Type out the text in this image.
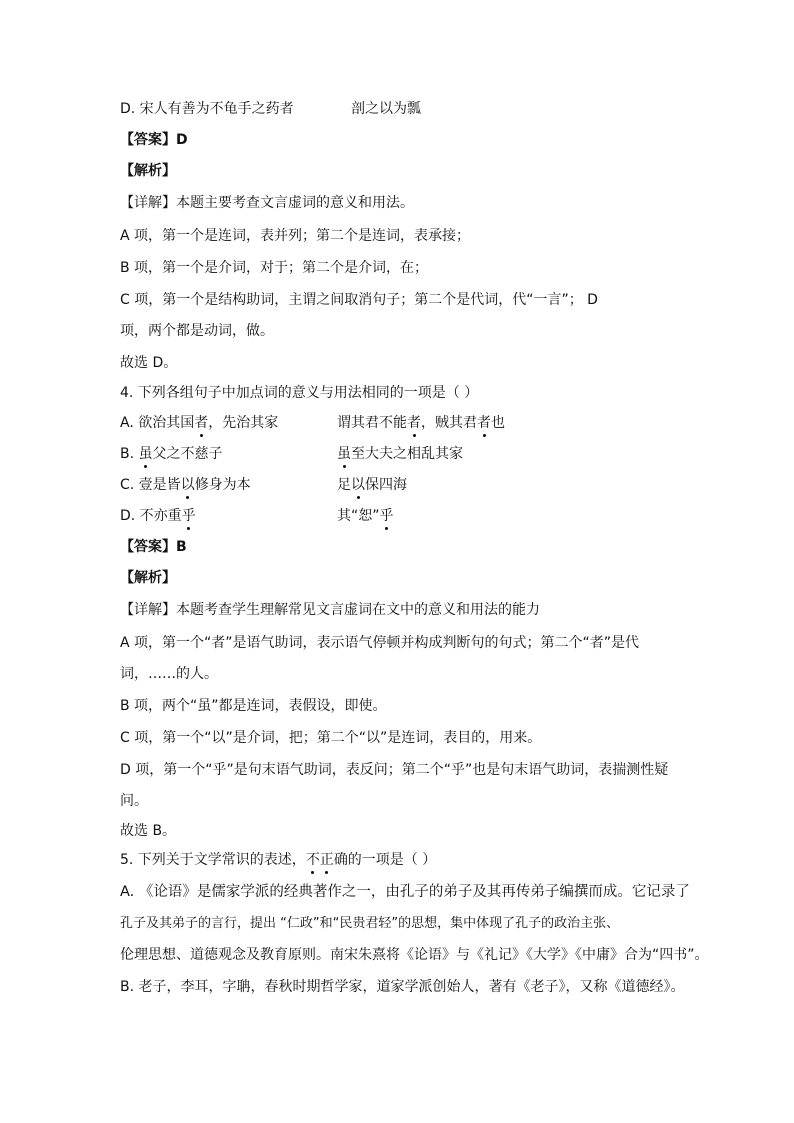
D. 宋人有善为不龟手之药者	剖之以为瓢
【答案】D
【解析】
【详解】本题主要考查文言虚词的意义和用法。
A 项，第一个是连词，表并列；第二个是连词，表承接；
B 项，第一个是介词，对于；第二个是介词，在；
C 项，第一个是结构助词，主谓之间取消句子；第二个是代词，代“一言”； D
项，两个都是动词，做。
故选 D。
4. 下列各组句子中加点词的意义与用法相同的一项是（ ）
A. 欲治其国者，先治其家	谓其君不能者，贼其君者也
B. 虽父之不慈子	虽至大夫之相乱其家
C. 壹是皆以修身为本	足以保四海
D. 不亦重乎	其“恕”乎
【答案】B
【解析】
【详解】本题考查学生理解常见文言虚词在文中的意义和用法的能力
A 项，第一个“者”是语气助词，表示语气停顿并构成判断句的句式；第二个“者”是代
词，……的人。
B 项，两个“虽”都是连词，表假设，即使。
C 项，第一个“以”是介词，把；第二个“以”是连词，表目的，用来。
D 项，第一个“乎”是句末语气助词，表反问；第二个“乎”也是句末语气助词，表揣测性疑
问。
故选 B。
5. 下列关于文学常识的表述，不正确的一项是（ ）
A. 《论语》是儒家学派的经典著作之一，由孔子的弟子及其再传弟子编撰而成。它记录了
孔子及其弟子的言行，提出 “仁政”和“民贵君轻”的思想，集中体现了孔子的政治主张、
伦理思想、道德观念及教育原则。南宋朱熹将《论语》与《礼记》《大学》《中庸》合为“四书”。
B. 老子，李耳，字聃，春秋时期哲学家，道家学派创始人，著有《老子》，又称《道德经》。
